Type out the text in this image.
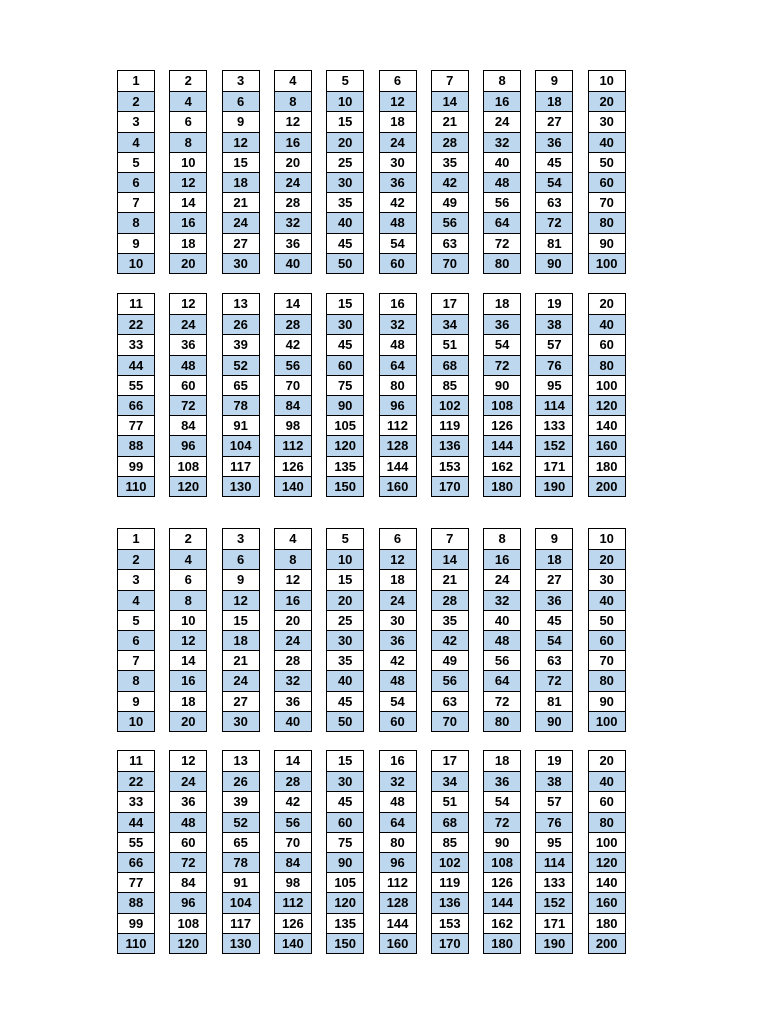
1
2
3
4
5
6
7
8
9
10
2
4
6
8
10
12
14
16
18
20
3
6
9
12
15
18
21
24
27
30
4
8
12
16
20
24
28
32
36
40
5
10
15
20
25
30
35
40
45
50
6
12
18
24
30
36
42
48
54
60
7
14
21
28
35
42
49
56
63
70
8
16
24
32
40
48
56
64
72
80
9
18
27
36
45
54
63
72
81
90
10
20
30
40
50
60
70
80
90
100
11
22
33
44
55
66
77
88
99
110
12
24
36
48
60
72
84
96
108
120
13
26
39
52
65
78
91
104
117
130
14
28
42
56
70
84
98
112
126
140
15
30
45
60
75
90
105
120
135
150
16
32
48
64
80
96
112
128
144
160
17
34
51
68
85
102
119
136
153
170
18
36
54
72
90
108
126
144
162
180
19
38
57
76
95
114
133
152
171
190
20
40
60
80
100
120
140
160
180
200
1
2
3
4
5
6
7
8
9
10
2
4
6
8
10
12
14
16
18
20
3
6
9
12
15
18
21
24
27
30
4
8
12
16
20
24
28
32
36
40
5
10
15
20
25
30
35
40
45
50
6
12
18
24
30
36
42
48
54
60
7
14
21
28
35
42
49
56
63
70
8
16
24
32
40
48
56
64
72
80
9
18
27
36
45
54
63
72
81
90
10
20
30
40
50
60
70
80
90
100
11
22
33
44
55
66
77
88
99
110
12
24
36
48
60
72
84
96
108
120
13
26
39
52
65
78
91
104
117
130
14
28
42
56
70
84
98
112
126
140
15
30
45
60
75
90
105
120
135
150
16
32
48
64
80
96
112
128
144
160
17
34
51
68
85
102
119
136
153
170
18
36
54
72
90
108
126
144
162
180
19
38
57
76
95
114
133
152
171
190
20
40
60
80
100
120
140
160
180
200
